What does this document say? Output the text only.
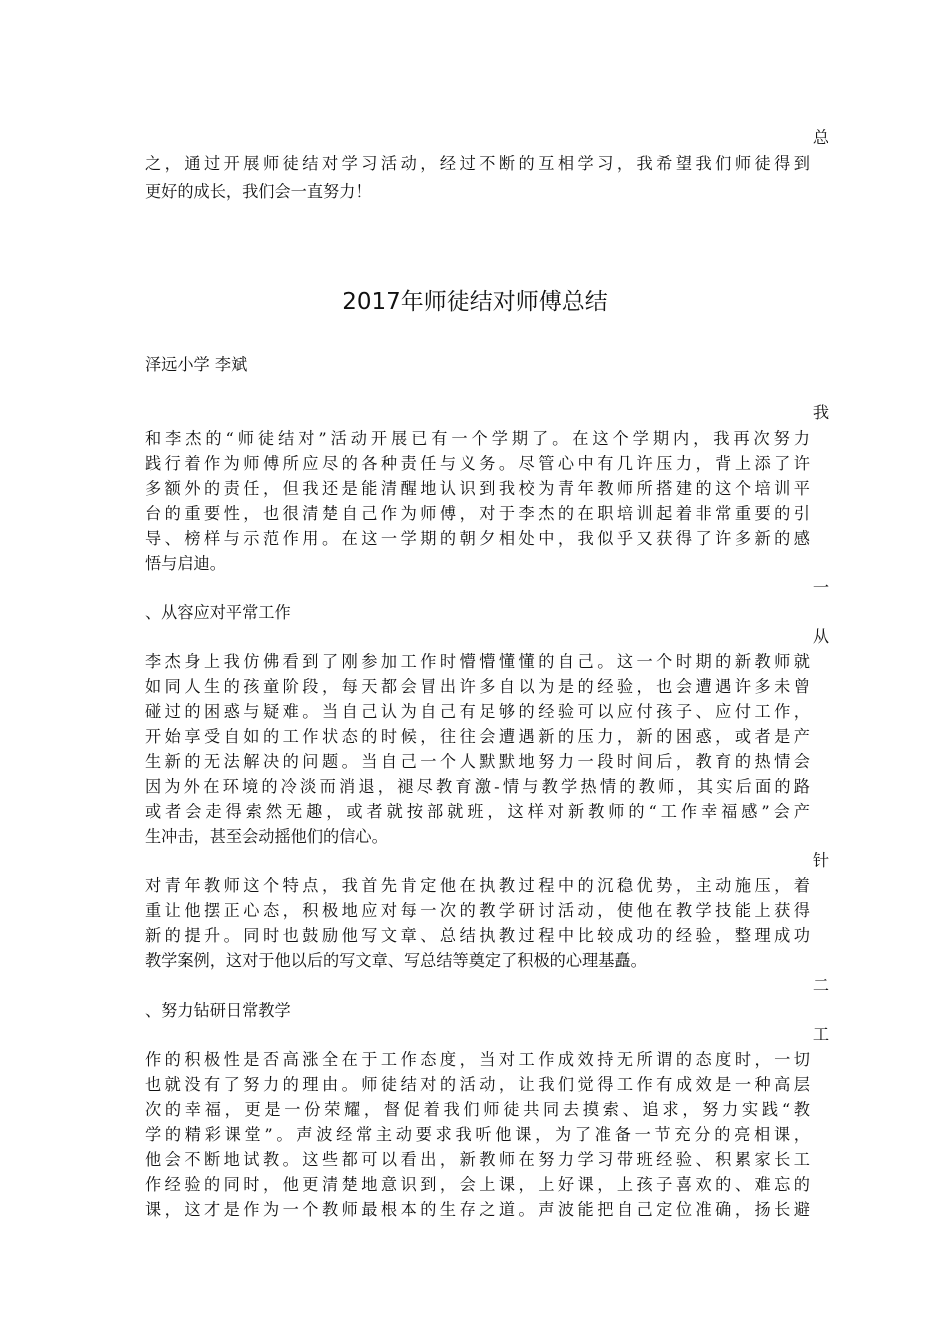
总
之，通过开展师徒结对学习活动，经过不断的互相学习，我希望我们师徒得到
更好的成长，我们会一直努力！
2017年师徒结对师傅总结
泽远小学 李斌
我
和李杰的“师徒结对”活动开展已有一个学期了。在这个学期内，我再次努力
践行着作为师傅所应尽的各种责任与义务。尽管心中有几许压力，背上添了许
多额外的责任，但我还是能清醒地认识到我校为青年教师所搭建的这个培训平
台的重要性，也很清楚自己作为师傅，对于李杰的在职培训起着非常重要的引
导、榜样与示范作用。在这一学期的朝夕相处中，我似乎又获得了许多新的感
悟与启迪。
一
、从容应对平常工作
从
李杰身上我仿佛看到了刚参加工作时懵懵懂懂的自己。这一个时期的新教师就
如同人生的孩童阶段，每天都会冒出许多自以为是的经验，也会遭遇许多未曾
碰过的困惑与疑难。当自己认为自己有足够的经验可以应付孩子、应付工作，
开始享受自如的工作状态的时候，往往会遭遇新的压力，新的困惑，或者是产
生新的无法解决的问题。当自己一个人默默地努力一段时间后，教育的热情会
因为外在环境的冷淡而消退，褪尽教育激-情与教学热情的教师，其实后面的路
或者会走得索然无趣，或者就按部就班，这样对新教师的“工作幸福感”会产
生冲击，甚至会动摇他们的信心。
针
对青年教师这个特点，我首先肯定他在执教过程中的沉稳优势，主动施压，着
重让他摆正心态，积极地应对每一次的教学研讨活动，使他在教学技能上获得
新的提升。同时也鼓励他写文章、总结执教过程中比较成功的经验，整理成功
教学案例，这对于他以后的写文章、写总结等奠定了积极的心理基矗。
二
、努力钻研日常教学
工
作的积极性是否高涨全在于工作态度，当对工作成效持无所谓的态度时，一切
也就没有了努力的理由。师徒结对的活动，让我们觉得工作有成效是一种高层
次的幸福，更是一份荣耀，督促着我们师徒共同去摸索、追求，努力实践“教
学的精彩课堂”。声波经常主动要求我听他课，为了准备一节充分的亮相课，
他会不断地试教。这些都可以看出，新教师在努力学习带班经验、积累家长工
作经验的同时，他更清楚地意识到，会上课，上好课，上孩子喜欢的、难忘的
课，这才是作为一个教师最根本的生存之道。声波能把自己定位准确，扬长避
